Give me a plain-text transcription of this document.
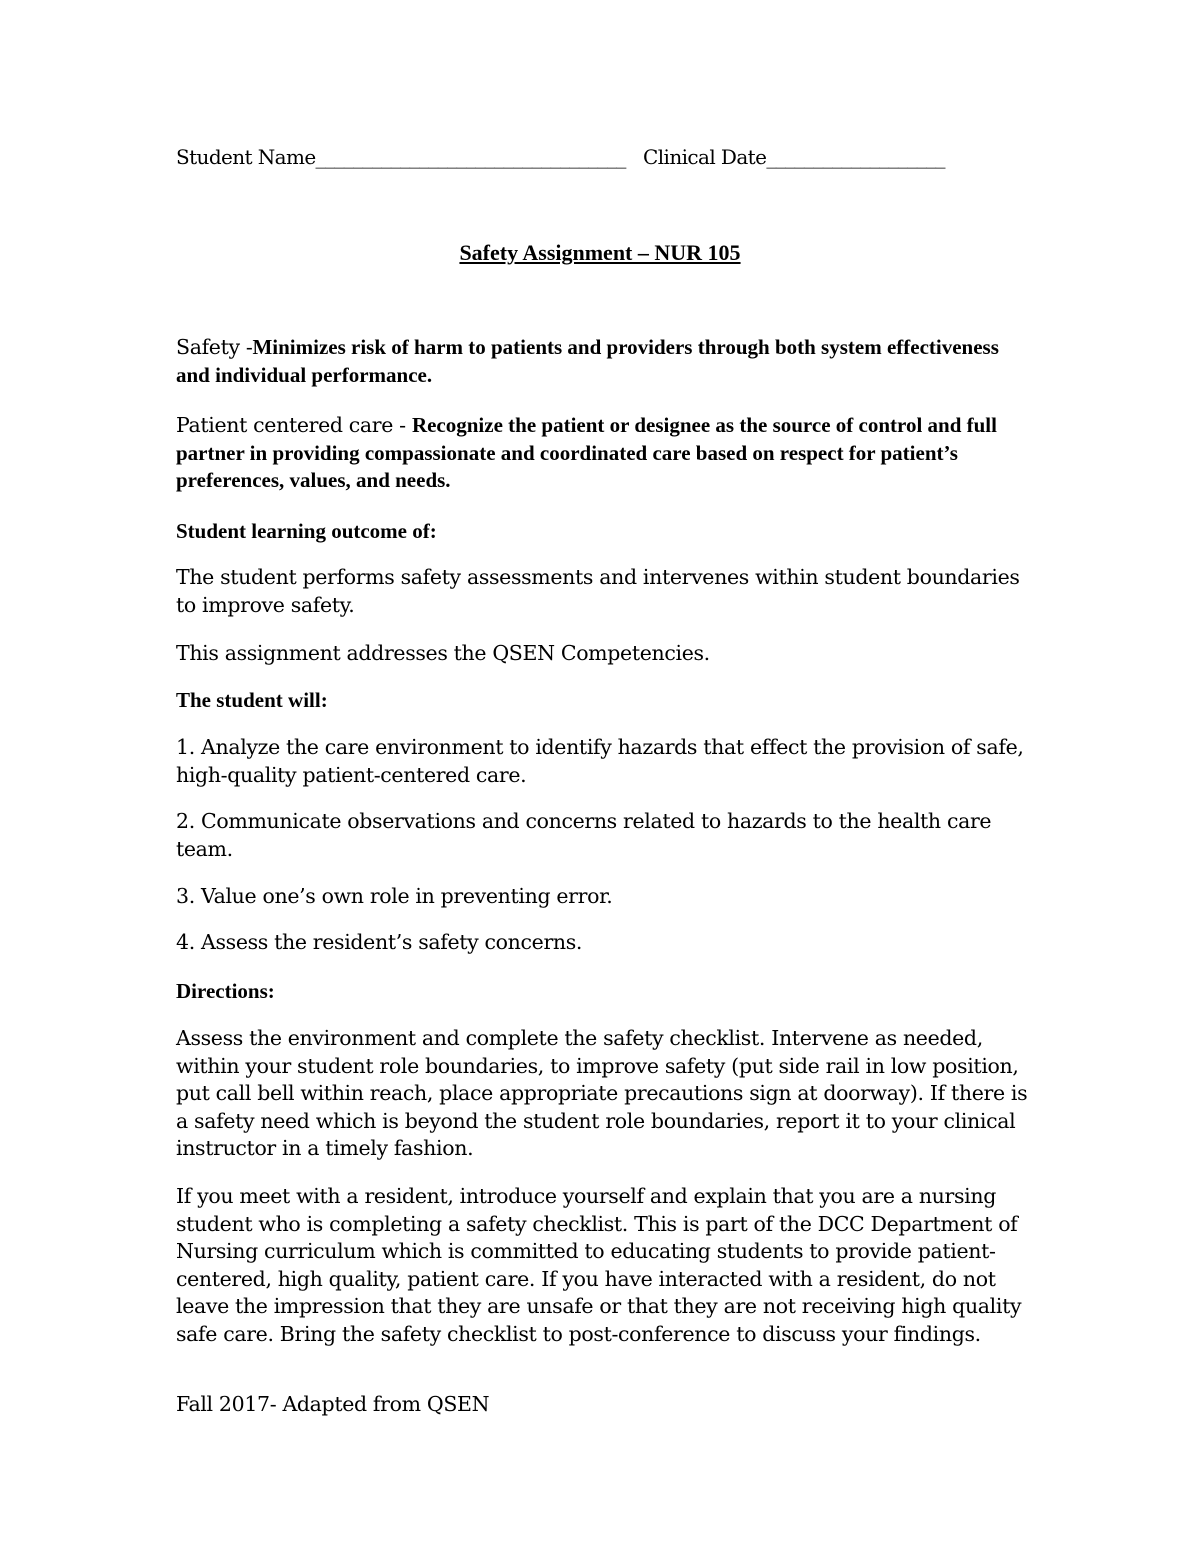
Student Name_________________________________ Clinical Date___________________
Safety Assignment – NUR 105

Safety -Minimizes risk of harm to patients and providers through both system effectiveness and individual performance.

Patient centered care - Recognize the patient or designee as the source of control and full partner in providing compassionate and coordinated care based on respect for patient’s preferences, values, and needs.

Student learning outcome of:

The student performs safety assessments and intervenes within student boundaries to improve safety.

This assignment addresses the QSEN Competencies.

The student will:

1. Analyze the care environment to identify hazards that effect the provision of safe, high-quality patient-centered care.

2. Communicate observations and concerns related to hazards to the health care team.

3. Value one’s own role in preventing error.

4. Assess the resident’s safety concerns.

Directions:

Assess the environment and complete the safety checklist. Intervene as needed, within your student role boundaries, to improve safety (put side rail in low position, put call bell within reach, place appropriate precautions sign at doorway). If there is a safety need which is beyond the student role boundaries, report it to your clinical instructor in a timely fashion.

If you meet with a resident, introduce yourself and explain that you are a nursing student who is completing a safety checklist. This is part of the DCC Department of Nursing curriculum which is committed to educating students to provide patient-centered, high quality, patient care. If you have interacted with a resident, do not leave the impression that they are unsafe or that they are not receiving high quality safe care. Bring the safety checklist to post-conference to discuss your findings.

Fall 2017- Adapted from QSEN
